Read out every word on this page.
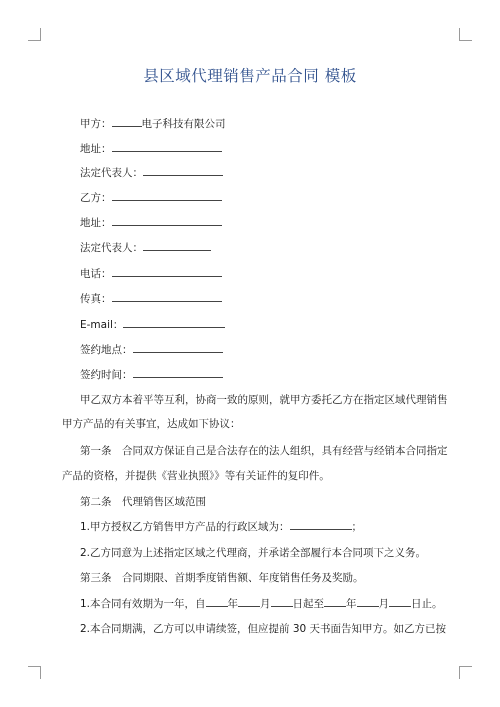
县区域代理销售产品合同 模板
甲方：	电子科技有限公司
地址：
法定代表人：
乙方：
地址：
法定代表人：
电话：
传真：
E-mail：
签约地点：
签约时间：
甲乙双方本着平等互利，协商一致的原则，就甲方委托乙方在指定区域代理销售
甲方产品的有关事宜，达成如下协议：
第一条　合同双方保证自己是合法存在的法人组织，具有经营与经销本合同指定
产品的资格，并提供《营业执照》》等有关证件的复印件。
第二条　代理销售区域范围
1.甲方授权乙方销售甲方产品的行政区域为：	；
2.乙方同意为上述指定区域之代理商，并承诺全部履行本合同项下之义务。
第三条　合同期限、首期季度销售额、年度销售任务及奖励。
1.本合同有效期为一年，自 年 月 日起至 年 月 日止。
2.本合同期满，乙方可以申请续签，但应提前 30 天书面告知甲方。如乙方已按
